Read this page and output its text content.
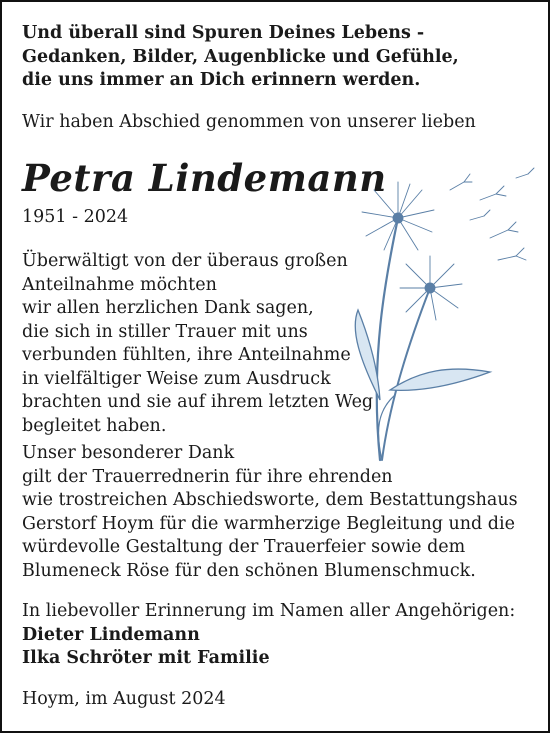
Und überall sind Spuren Deines Lebens -
Gedanken, Bilder, Augenblicke und Gefühle,
die uns immer an Dich erinnern werden.
Wir haben Abschied genommen von unserer lieben
Petra Lindemann
1951 - 2024
Überwältigt von der überaus großen
Anteilnahme möchten
wir allen herzlichen Dank sagen,
die sich in stiller Trauer mit uns
verbunden fühlten, ihre Anteilnahme
in vielfältiger Weise zum Ausdruck
brachten und sie auf ihrem letzten Weg
begleitet haben.
Unser besonderer Dank
gilt der Trauerrednerin für ihre ehrenden
wie trostreichen Abschiedsworte, dem Bestattungshaus
Gerstorf Hoym für die warmherzige Begleitung und die
würdevolle Gestaltung der Trauerfeier sowie dem
Blumeneck Röse für den schönen Blumenschmuck.
In liebevoller Erinnerung im Namen aller Angehörigen:
Dieter Lindemann
Ilka Schröter mit Familie
Hoym, im August 2024
